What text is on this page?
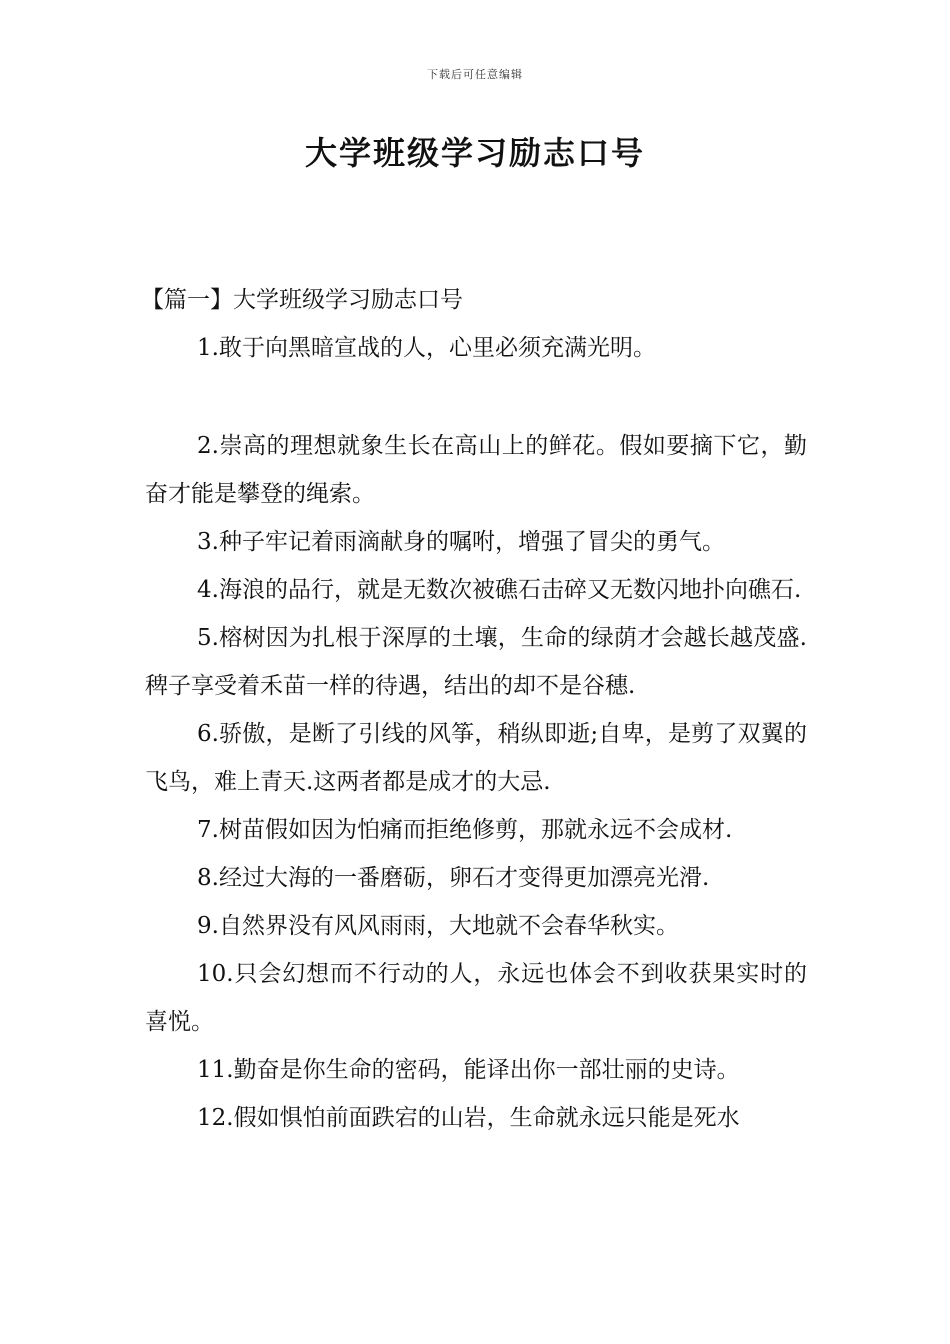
下载后可任意编辑
大学班级学习励志口号

【篇一】大学班级学习励志口号

1.敢于向黑暗宣战的人，心里必须充满光明。

2.崇高的理想就象生长在高山上的鲜花。假如要摘下它，勤奋才能是攀登的绳索。

3.种子牢记着雨滴献身的嘱咐，增强了冒尖的勇气。

4.海浪的品行，就是无数次被礁石击碎又无数闪地扑向礁石.

5.榕树因为扎根于深厚的土壤，生命的绿荫才会越长越茂盛.稗子享受着禾苗一样的待遇，结出的却不是谷穗.

6.骄傲，是断了引线的风筝，稍纵即逝;自卑，是剪了双翼的飞鸟，难上青天.这两者都是成才的大忌.

7.树苗假如因为怕痛而拒绝修剪，那就永远不会成材.

8.经过大海的一番磨砺，卵石才变得更加漂亮光滑.

9.自然界没有风风雨雨，大地就不会春华秋实。

10.只会幻想而不行动的人，永远也体会不到收获果实时的喜悦。

11.勤奋是你生命的密码，能译出你一部壮丽的史诗。

12.假如惧怕前面跌宕的山岩，生命就永远只能是死水
